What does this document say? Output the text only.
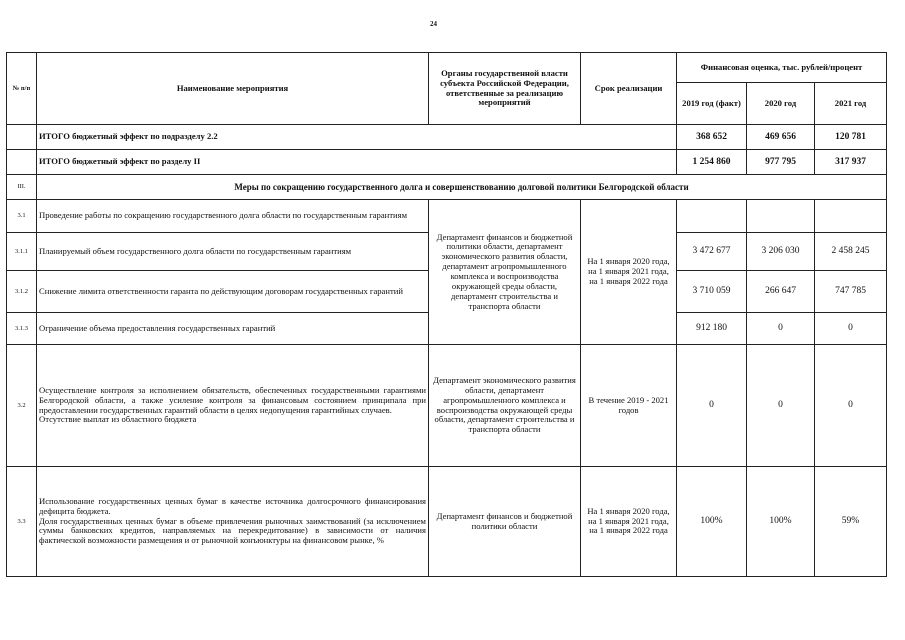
24
№ п/п	Наименование мероприятия	Органы государственной власти субъекта Российской Федерации, ответственные за реализацию мероприятий	Срок реализации	Финансовая оценка, тыс. рублей/процент		
				2019 год (факт)	2020 год	2021 год
	ИТОГО бюджетный эффект по подразделу 2.2			368 652	469 656	120 781
	ИТОГО бюджетный эффект по разделу II			1 254 860	977 795	317 937
III.	Меры по сокращению государственного долга и совершенствованию долговой политики Белгородской области					
3.1	Проведение работы по сокращению государственного долга области по государственным гарантиям	Департамент финансов и бюджетной политики области, департамент экономического развития области, департамент агропромышленного комплекса и воспроизводства окружающей среды области, департамент строительства и транспорта области	На 1 января 2020 года, на 1 января 2021 года, на 1 января 2022 года			
3.1.1	Планируемый объем государственного долга области по государственным гарантиям			3 472 677	3 206 030	2 458 245
3.1.2	Снижение лимита ответственности гаранта по действующим договорам государственных гарантий			3 710 059	266 647	747 785
3.1.3	Ограничение объема предоставления государственных гарантий			912 180	0	0
3.2	Осуществление контроля за исполнением обязательств, обеспеченных государственными гарантиями Белгородской области, а также усиление контроля за финансовым состоянием принципала при предоставлении государственных гарантий области в целях недопущения гарантийных случаев.
Отсутствие выплат из областного бюджета	Департамент экономического развития области, департамент агропромышленного комплекса и воспроизводства окружающей среды области, департамент строительства и транспорта области	В течение 2019 - 2021 годов	0	0	0
3.3	Использование государственных ценных бумаг в качестве источника долгосрочного финансирования дефицита бюджета.
Доля государственных ценных бумаг в объеме привлечения рыночных заимствований (за исключением суммы банковских кредитов, направляемых на перекредитование) в зависимости от наличия фактической возможности размещения и от рыночной конъюнктуры на финансовом рынке, %	Департамент финансов и бюджетной политики области	На 1 января 2020 года, на 1 января 2021 года, на 1 января 2022 года	100%	100%	59%
